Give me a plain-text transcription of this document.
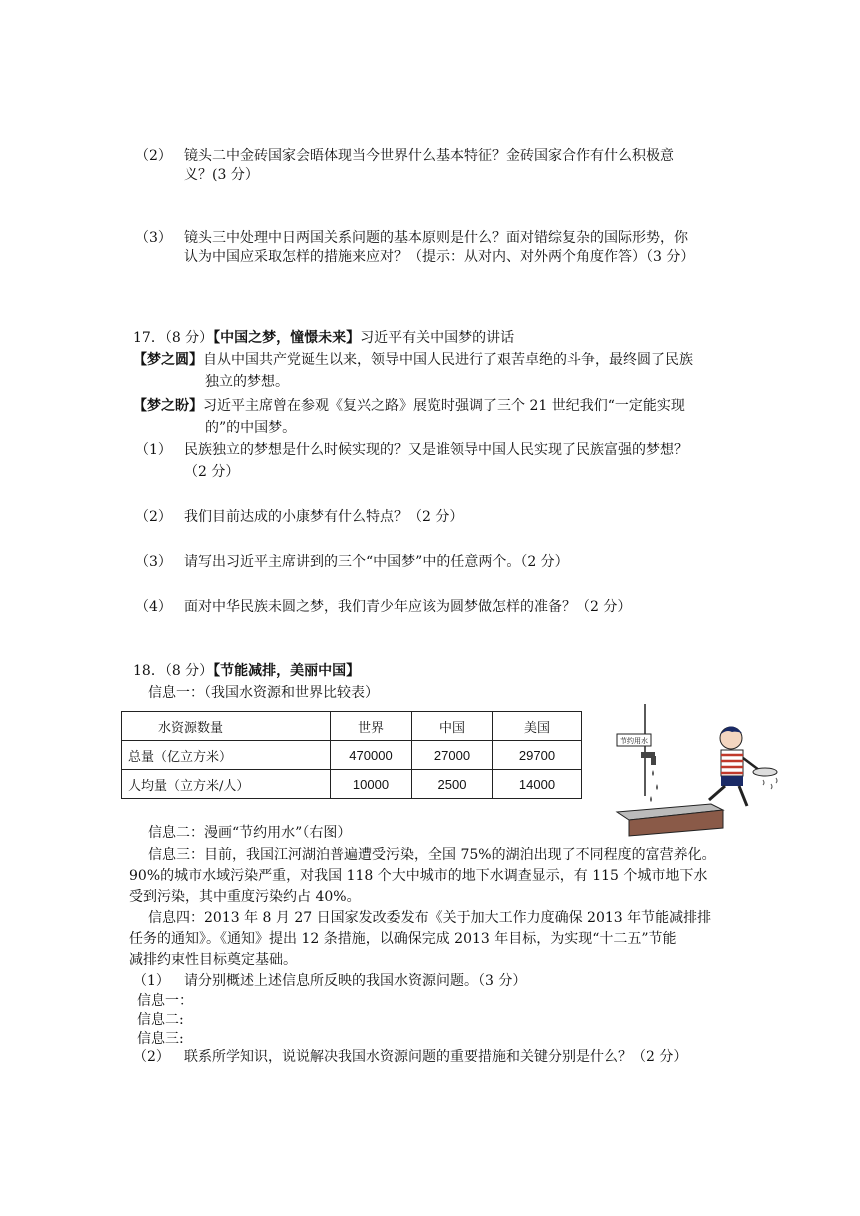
（2） 镜头二中金砖国家会晤体现当今世界什么基本特征？金砖国家合作有什么积极意
义？(3 分）
（3） 镜头三中处理中日两国关系问题的基本原则是什么？面对错综复杂的国际形势，你
认为中国应采取怎样的措施来应对？（提示：从对内、对外两个角度作答）（3 分）
17．（8 分）【中国之梦，憧憬未来】习近平有关中国梦的讲话
【梦之圆】自从中国共产党诞生以来，领导中国人民进行了艰苦卓绝的斗争，最终圆了民族
独立的梦想。
【梦之盼】习近平主席曾在参观《复兴之路》展览时强调了三个 21 世纪我们“一定能实现
的”的中国梦。
（1） 民族独立的梦想是什么时候实现的？又是谁领导中国人民实现了民族富强的梦想？
（2 分）
（2） 我们目前达成的小康梦有什么特点？（2 分）
（3） 请写出习近平主席讲到的三个“中国梦”中的任意两个。（2 分）
（4） 面对中华民族未圆之梦，我们青少年应该为圆梦做怎样的准备？（2 分）
18．（8 分）【节能减排，美丽中国】
信息一：（我国水资源和世界比较表）
水资源数量	世界	中国	美国
总量（亿立方米）	470000	27000	29700
人均量（立方米/人）	10000	2500	14000
节约用水
信息二：漫画“节约用水”（右图）
信息三：目前，我国江河湖泊普遍遭受污染，全国 75%的湖泊出现了不同程度的富营养化。
90%的城市水域污染严重，对我国 118 个大中城市的地下水调查显示，有 115 个城市地下水
受到污染，其中重度污染约占 40%。
信息四：2013 年 8 月 27 日国家发改委发布《关于加大工作力度确保 2013 年节能减排排
任务的通知》。《通知》提出 12 条措施，以确保完成 2013 年目标，为实现“十二五”节能
减排约束性目标奠定基础。
（1） 请分别概述上述信息所反映的我国水资源问题。（3 分）
信息一：
信息二:
信息三:
（2） 联系所学知识，说说解决我国水资源问题的重要措施和关键分别是什么？（2 分）
